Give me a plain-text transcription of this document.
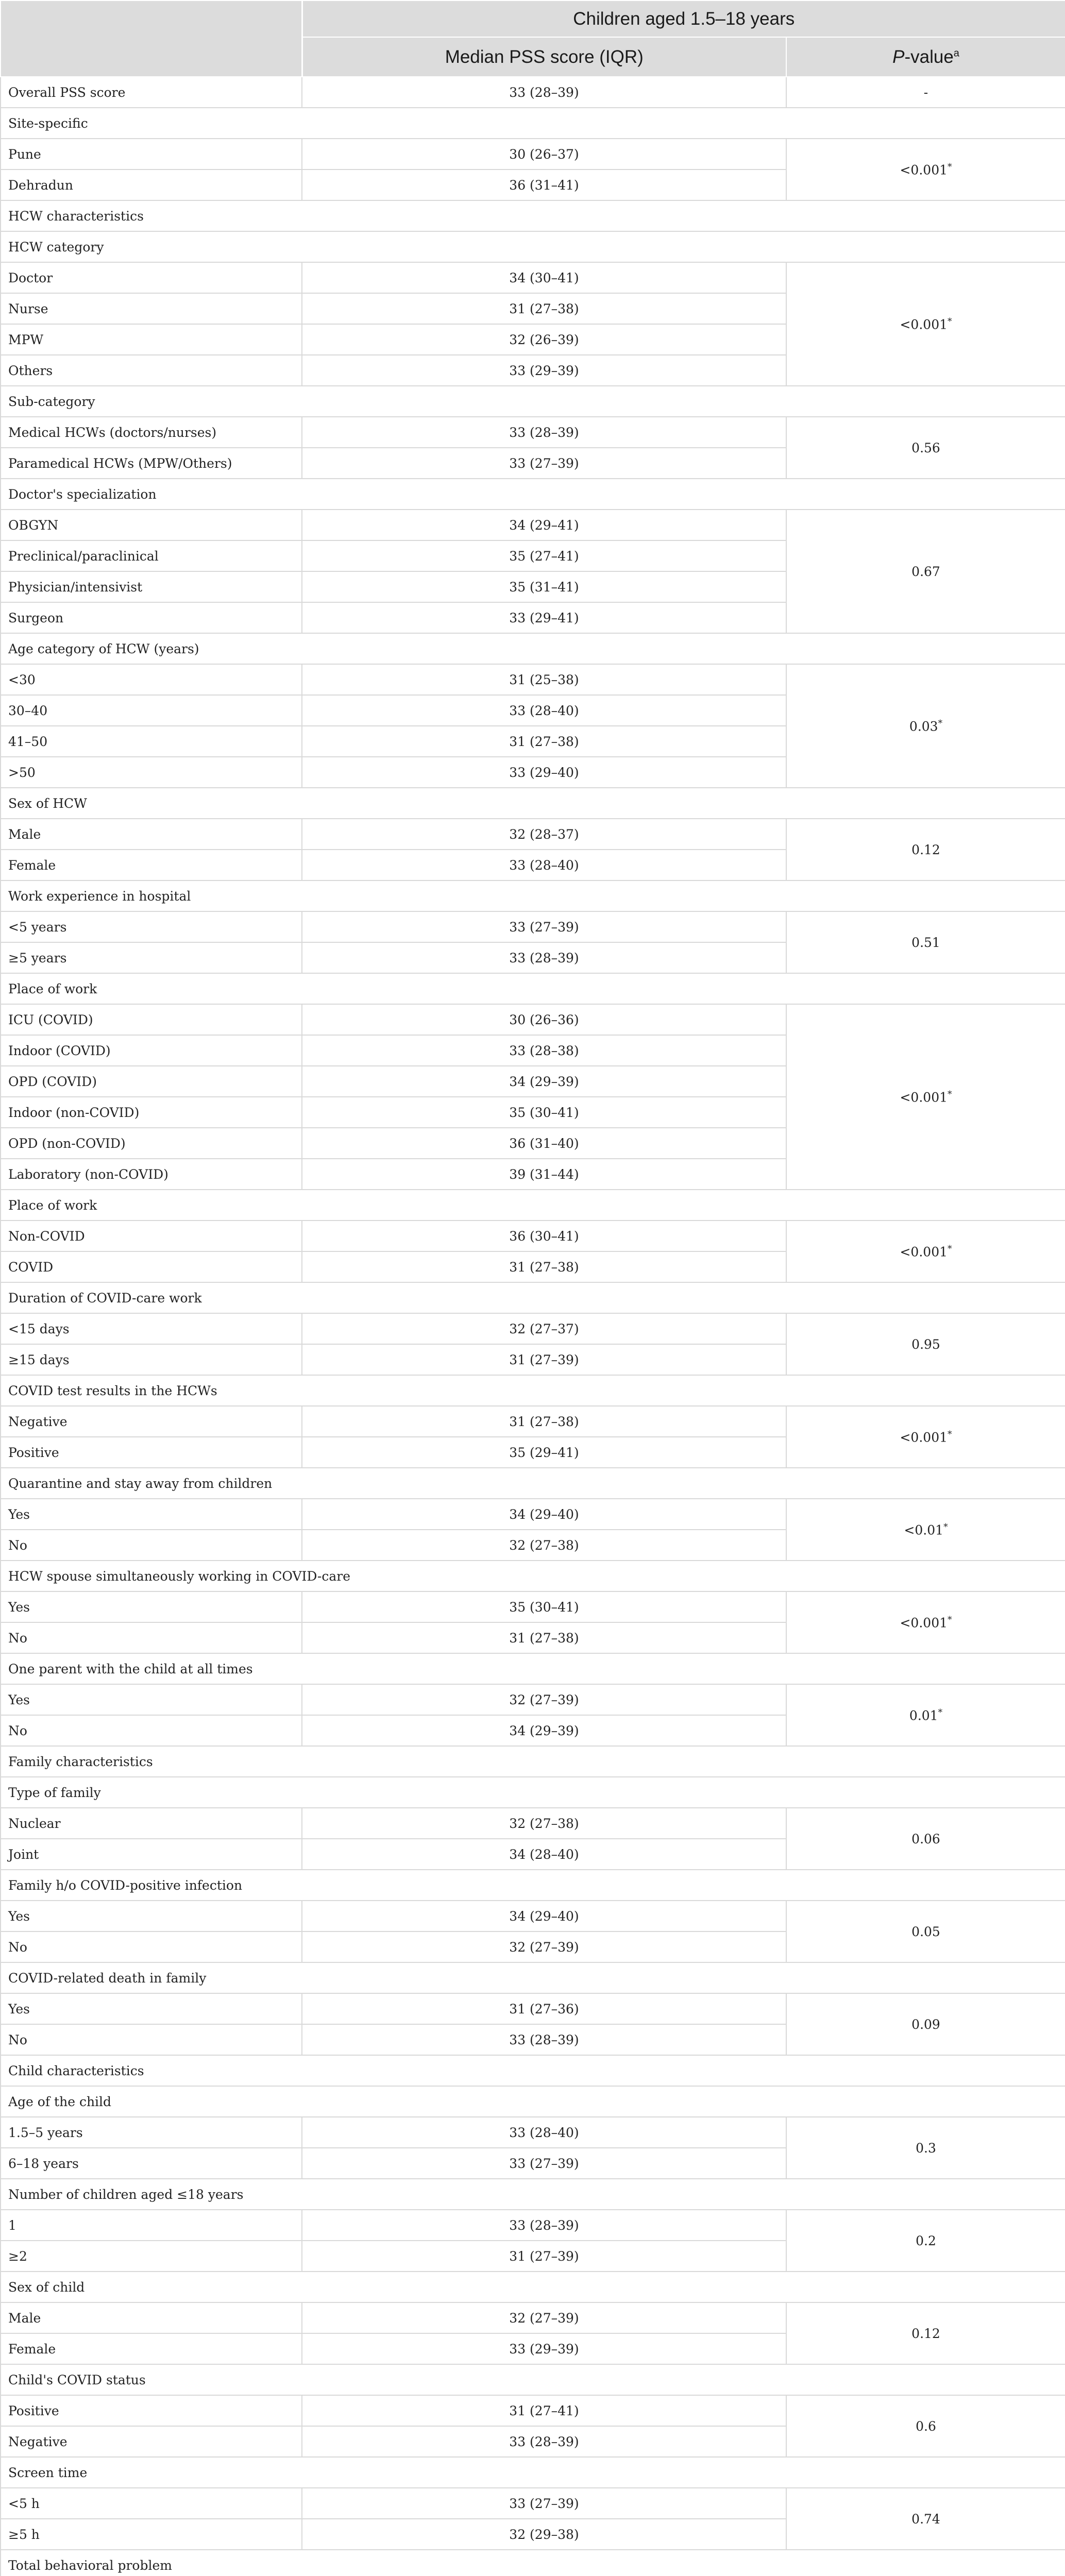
	Children aged 1.5–18 years	
	Median PSS score (IQR)	P-value$^a$
Overall PSS score	33 (28–39)	-
Site-specific		
Pune	30 (26–37)	<0.001*
Dehradun	36 (31–41)	
HCW characteristics		
HCW category		
Doctor	34 (30–41)	<0.001*
Nurse	31 (27–38)	
MPW	32 (26–39)	
Others	33 (29–39)	
Sub-category		
Medical HCWs (doctors/nurses)	33 (28–39)	0.56
Paramedical HCWs (MPW/Others)	33 (27–39)	
Doctor's specialization		
OBGYN	34 (29–41)	0.67
Preclinical/paraclinical	35 (27–41)	
Physician/intensivist	35 (31–41)	
Surgeon	33 (29–41)	
Age category of HCW (years)		
<30	31 (25–38)	0.03*
30–40	33 (28–40)	
41–50	31 (27–38)	
>50	33 (29–40)	
Sex of HCW		
Male	32 (28–37)	0.12
Female	33 (28–40)	
Work experience in hospital		
<5 years	33 (27–39)	0.51
≥5 years	33 (28–39)	
Place of work		
ICU (COVID)	30 (26–36)	<0.001*
Indoor (COVID)	33 (28–38)	
OPD (COVID)	34 (29–39)	
Indoor (non-COVID)	35 (30–41)	
OPD (non-COVID)	36 (31–40)	
Laboratory (non-COVID)	39 (31–44)	
Place of work		
Non-COVID	36 (30–41)	<0.001*
COVID	31 (27–38)	
Duration of COVID-care work		
<15 days	32 (27–37)	0.95
≥15 days	31 (27–39)	
COVID test results in the HCWs		
Negative	31 (27–38)	<0.001*
Positive	35 (29–41)	
Quarantine and stay away from children		
Yes	34 (29–40)	<0.01*
No	32 (27–38)	
HCW spouse simultaneously working in COVID-care		
Yes	35 (30–41)	<0.001*
No	31 (27–38)	
One parent with the child at all times		
Yes	32 (27–39)	0.01*
No	34 (29–39)	
Family characteristics		
Type of family		
Nuclear	32 (27–38)	0.06
Joint	34 (28–40)	
Family h/o COVID-positive infection		
Yes	34 (29–40)	0.05
No	32 (27–39)	
COVID-related death in family		
Yes	31 (27–36)	0.09
No	33 (28–39)	
Child characteristics		
Age of the child		
1.5–5 years	33 (28–40)	0.3
6–18 years	33 (27–39)	
Number of children aged ≤18 years		
1	33 (28–39)	0.2
≥2	31 (27–39)	
Sex of child		
Male	32 (27–39)	0.12
Female	33 (29–39)	
Child's COVID status		
Positive	31 (27–41)	0.6
Negative	33 (28–39)	
Screen time		
<5 h	33 (27–39)	0.74
≥5 h	32 (29–38)	
Total behavioral problem		
